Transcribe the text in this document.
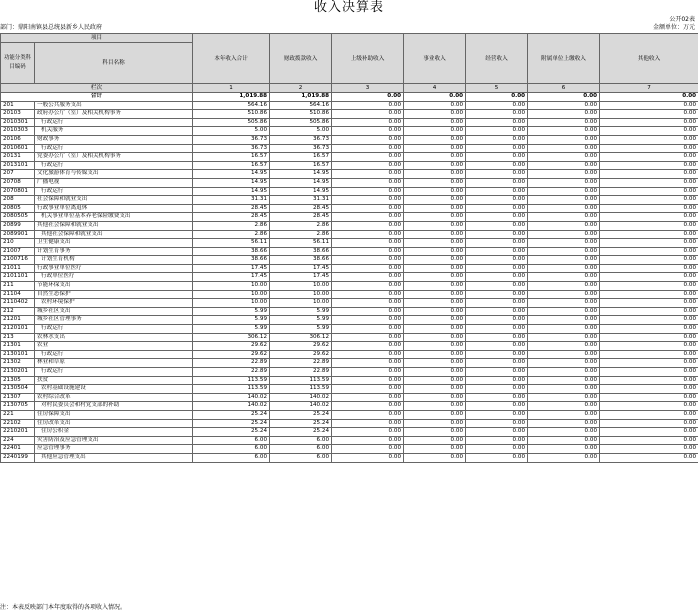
收入决算表
公开02表
部门：鼎阳南镇县总统县新乡人民政府	金额单位：万元
项目		本年收入合计	财政拨款收入	上级补助收入	事业收入	经营收入	附属单位上缴收入	其他收入
功能分类科目编码	科目名称							
栏次		1	2	3	4	5	6	7
合计		1,019.88	1,019.88	0.00	0.00	0.00	0.00	0.00
201	一般公共服务支出	564.16	564.16	0.00	0.00	0.00	0.00	0.00
20103	政府办公厅（室）及相关机构事务	510.86	510.86	0.00	0.00	0.00	0.00	0.00
2010301	行政运行	505.86	505.86	0.00	0.00	0.00	0.00	0.00
2010303	机关服务	5.00	5.00	0.00	0.00	0.00	0.00	0.00
20106	财政事务	36.73	36.73	0.00	0.00	0.00	0.00	0.00
2010601	行政运行	36.73	36.73	0.00	0.00	0.00	0.00	0.00
20131	党委办公厅（室）及相关机构事务	16.57	16.57	0.00	0.00	0.00	0.00	0.00
2013101	行政运行	16.57	16.57	0.00	0.00	0.00	0.00	0.00
207	文化旅游体育与传媒支出	14.95	14.95	0.00	0.00	0.00	0.00	0.00
20708	广播电视	14.95	14.95	0.00	0.00	0.00	0.00	0.00
2070801	行政运行	14.95	14.95	0.00	0.00	0.00	0.00	0.00
208	社会保障和就业支出	31.31	31.31	0.00	0.00	0.00	0.00	0.00
20805	行政事业单位离退休	28.45	28.45	0.00	0.00	0.00	0.00	0.00
2080505	机关事业单位基本养老保险缴费支出	28.45	28.45	0.00	0.00	0.00	0.00	0.00
20899	其他社会保障和就业支出	2.86	2.86	0.00	0.00	0.00	0.00	0.00
2089901	其他社会保障和就业支出	2.86	2.86	0.00	0.00	0.00	0.00	0.00
210	卫生健康支出	56.11	56.11	0.00	0.00	0.00	0.00	0.00
21007	计划生育事务	38.66	38.66	0.00	0.00	0.00	0.00	0.00
2100716	计划生育机构	38.66	38.66	0.00	0.00	0.00	0.00	0.00
21011	行政事业单位医疗	17.45	17.45	0.00	0.00	0.00	0.00	0.00
2101101	行政单位医疗	17.45	17.45	0.00	0.00	0.00	0.00	0.00
211	节能环保支出	10.00	10.00	0.00	0.00	0.00	0.00	0.00
21104	自然生态保护	10.00	10.00	0.00	0.00	0.00	0.00	0.00
2110402	农村环境保护	10.00	10.00	0.00	0.00	0.00	0.00	0.00
212	城乡社区支出	5.99	5.99	0.00	0.00	0.00	0.00	0.00
21201	城乡社区管理事务	5.99	5.99	0.00	0.00	0.00	0.00	0.00
2120101	行政运行	5.99	5.99	0.00	0.00	0.00	0.00	0.00
213	农林水支出	306.12	306.12	0.00	0.00	0.00	0.00	0.00
21301	农业	29.62	29.62	0.00	0.00	0.00	0.00	0.00
2130101	行政运行	29.62	29.62	0.00	0.00	0.00	0.00	0.00
21302	林业和草原	22.89	22.89	0.00	0.00	0.00	0.00	0.00
2130201	行政运行	22.89	22.89	0.00	0.00	0.00	0.00	0.00
21305	扶贫	113.59	113.59	0.00	0.00	0.00	0.00	0.00
2130504	农村基础设施建设	113.59	113.59	0.00	0.00	0.00	0.00	0.00
21307	农村综合改革	140.02	140.02	0.00	0.00	0.00	0.00	0.00
2130705	对村民委员会和村党支部的补助	140.02	140.02	0.00	0.00	0.00	0.00	0.00
221	住房保障支出	25.24	25.24	0.00	0.00	0.00	0.00	0.00
22102	住房改革支出	25.24	25.24	0.00	0.00	0.00	0.00	0.00
2210201	住房公积金	25.24	25.24	0.00	0.00	0.00	0.00	0.00
224	灾害防治及应急管理支出	6.00	6.00	0.00	0.00	0.00	0.00	0.00
22401	应急管理事务	6.00	6.00	0.00	0.00	0.00	0.00	0.00
2240199	其他应急管理支出	6.00	6.00	0.00	0.00	0.00	0.00	0.00
注：本表反映部门本年度取得的各项收入情况。
